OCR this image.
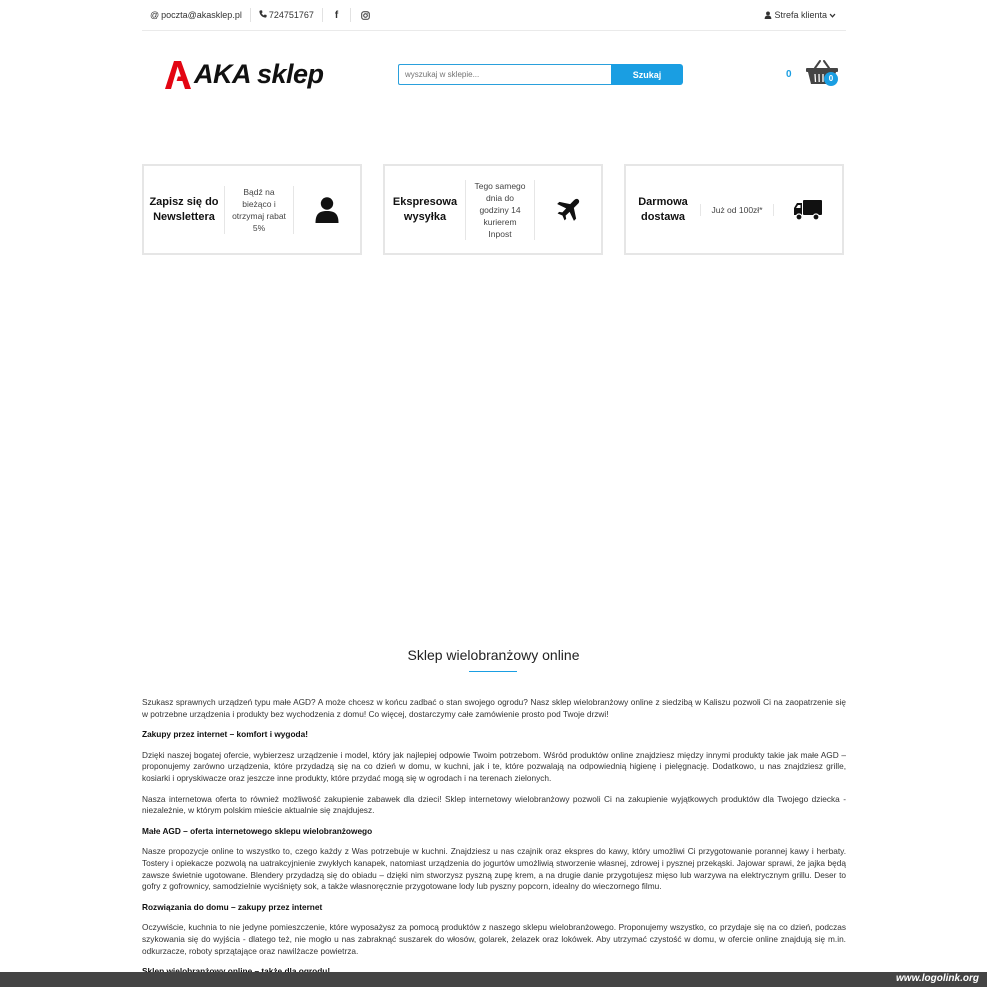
@ poczta@akasklep.pl	724751767 f	Strefa klienta
AKA sklep
wyszukaj w sklepie...	Szukaj	0	0
Zapisz się do Newslettera
Bądź na bieżąco i otrzymaj rabat 5%
Ekspresowa wysyłka
Tego samego dnia do godziny 14 kurierem Inpost
Darmowa dostawa
Już od 100zł*
Sklep wielobranżowy online

Szukasz sprawnych urządzeń typu małe AGD? A może chcesz w końcu zadbać o stan swojego ogrodu? Nasz sklep wielobranżowy online z siedzibą w Kaliszu pozwoli Ci na zaopatrzenie się w potrzebne urządzenia i produkty bez wychodzenia z domu! Co więcej, dostarczymy całe zamówienie prosto pod Twoje drzwi!

Zakupy przez internet – komfort i wygoda!

Dzięki naszej bogatej ofercie, wybierzesz urządzenie i model, który jak najlepiej odpowie Twoim potrzebom. Wśród produktów online znajdziesz między innymi produkty takie jak małe AGD – proponujemy zarówno urządzenia, które przydadzą się na co dzień w domu, w kuchni, jak i te, które pozwalają na odpowiednią higienę i pielęgnację. Dodatkowo, u nas znajdziesz grille, kosiarki i opryskiwacze oraz jeszcze inne produkty, które przydać mogą się w ogrodach i na terenach zielonych.

Nasza internetowa oferta to również możliwość zakupienie zabawek dla dzieci! Sklep internetowy wielobranżowy pozwoli Ci na zakupienie wyjątkowych produktów dla Twojego dziecka - niezależnie, w którym polskim mieście aktualnie się znajdujesz.

Małe AGD – oferta internetowego sklepu wielobranżowego

Nasze propozycje online to wszystko to, czego każdy z Was potrzebuje w kuchni. Znajdziesz u nas czajnik oraz ekspres do kawy, który umożliwi Ci przygotowanie porannej kawy i herbaty. Tostery i opiekacze pozwolą na uatrakcyjnienie zwykłych kanapek, natomiast urządzenia do jogurtów umożliwią stworzenie własnej, zdrowej i pysznej przekąski. Jajowar sprawi, że jajka będą zawsze świetnie ugotowane. Blendery przydadzą się do obiadu – dzięki nim stworzysz pyszną zupę krem, a na drugie danie przygotujesz mięso lub warzywa na elektrycznym grillu. Deser to gofry z gofrownicy, samodzielnie wyciśnięty sok, a także własnoręcznie przygotowane lody lub pyszny popcorn, idealny do wieczornego filmu.

Rozwiązania do domu – zakupy przez internet

Oczywiście, kuchnia to nie jedyne pomieszczenie, które wyposażysz za pomocą produktów z naszego sklepu wielobranżowego. Proponujemy wszystko, co przydaje się na co dzień, podczas szykowania się do wyjścia - dlatego też, nie mogło u nas zabraknąć suszarek do włosów, golarek, żelazek oraz lokówek. Aby utrzymać czystość w domu, w ofercie online znajdują się m.in. odkurzacze, roboty sprzątające oraz nawilżacze powietrza.

www.logolink.org
